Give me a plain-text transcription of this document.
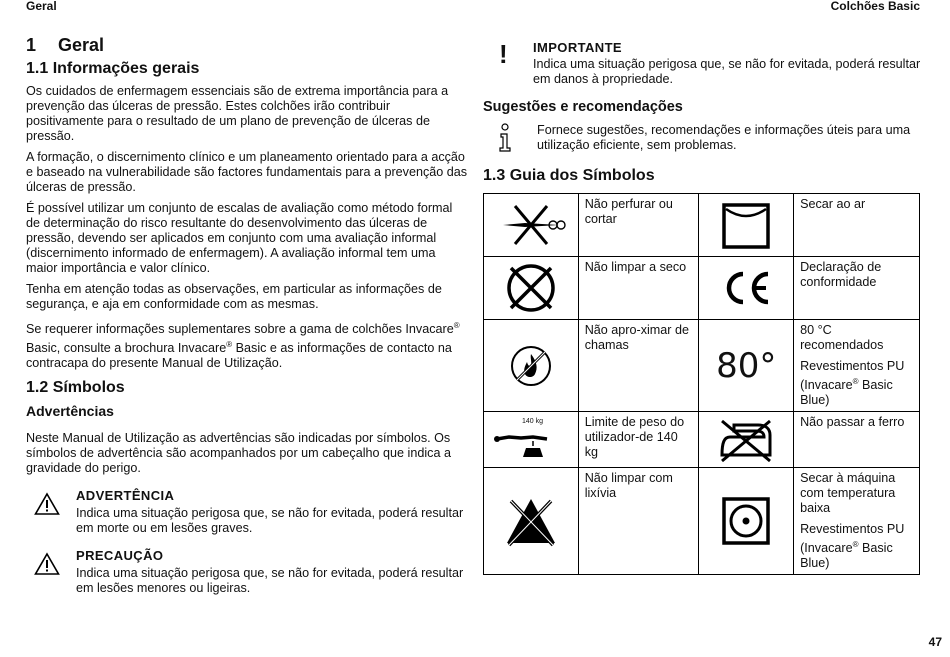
Geral	Colchões Basic
1 Geral
1.1 Informações gerais

Os cuidados de enfermagem essenciais são de extrema importância para a prevenção das úlceras de pressão. Estes colchões irão contribuir positivamente para o resultado de um plano de prevenção de úlceras de pressão.

A formação, o discernimento clínico e um planeamento orientado para a acção e baseado na vulnerabilidade são factores fundamentais para a prevenção das úlceras de pressão.

É possível utilizar um conjunto de escalas de avaliação como método formal de determinação do risco resultante do desenvolvimento das úlceras de pressão, devendo ser aplicados em conjunto com uma avaliação informal (discernimento informado de enfermagem). A avaliação informal tem uma maior importância e valor clínico.

Tenha em atenção todas as observações, em particular as informações de segurança, e aja em conformidade com as mesmas.

Se requerer informações suplementares sobre a gama de colchões Invacare® Basic, consulte a brochura Invacare® Basic e as informações de contacto na contracapa do presente Manual de Utilização.

1.2 Símbolos
Advertências

Neste Manual de Utilização as advertências são indicadas por símbolos. Os símbolos de advertência são acompanhados por um cabeçalho que indica a gravidade do perigo.

ADVERTÊNCIA
Indica uma situação perigosa que, se não for evitada, poderá resultar em morte ou em lesões graves.
PRECAUÇÃO
Indica uma situação perigosa que, se não for evitada, poderá resultar em lesões menores ou ligeiras.
! IMPORTANTE
Indica uma situação perigosa que, se não for evitada, poderá resultar em danos à propriedade.
Sugestões e recomendações
Fornece sugestões, recomendações e informações úteis para uma utilização eficiente, sem problemas.
1.3 Guia dos Símbolos
	Não perfurar ou cortar		Secar ao ar

	Não limpar a seco		Declaração de conformidade

	Não apro-ximar de chamas	80°	80 °C recomendados
Revestimentos PU (Invacare® Basic Blue)

140 kg	Limite de peso do utilizador-de 140 kg		Não passar a ferro

	Não limpar com lixívia		Secar à máquina com temperatura baixa
Revestimentos PU (Invacare® Basic Blue)
47
